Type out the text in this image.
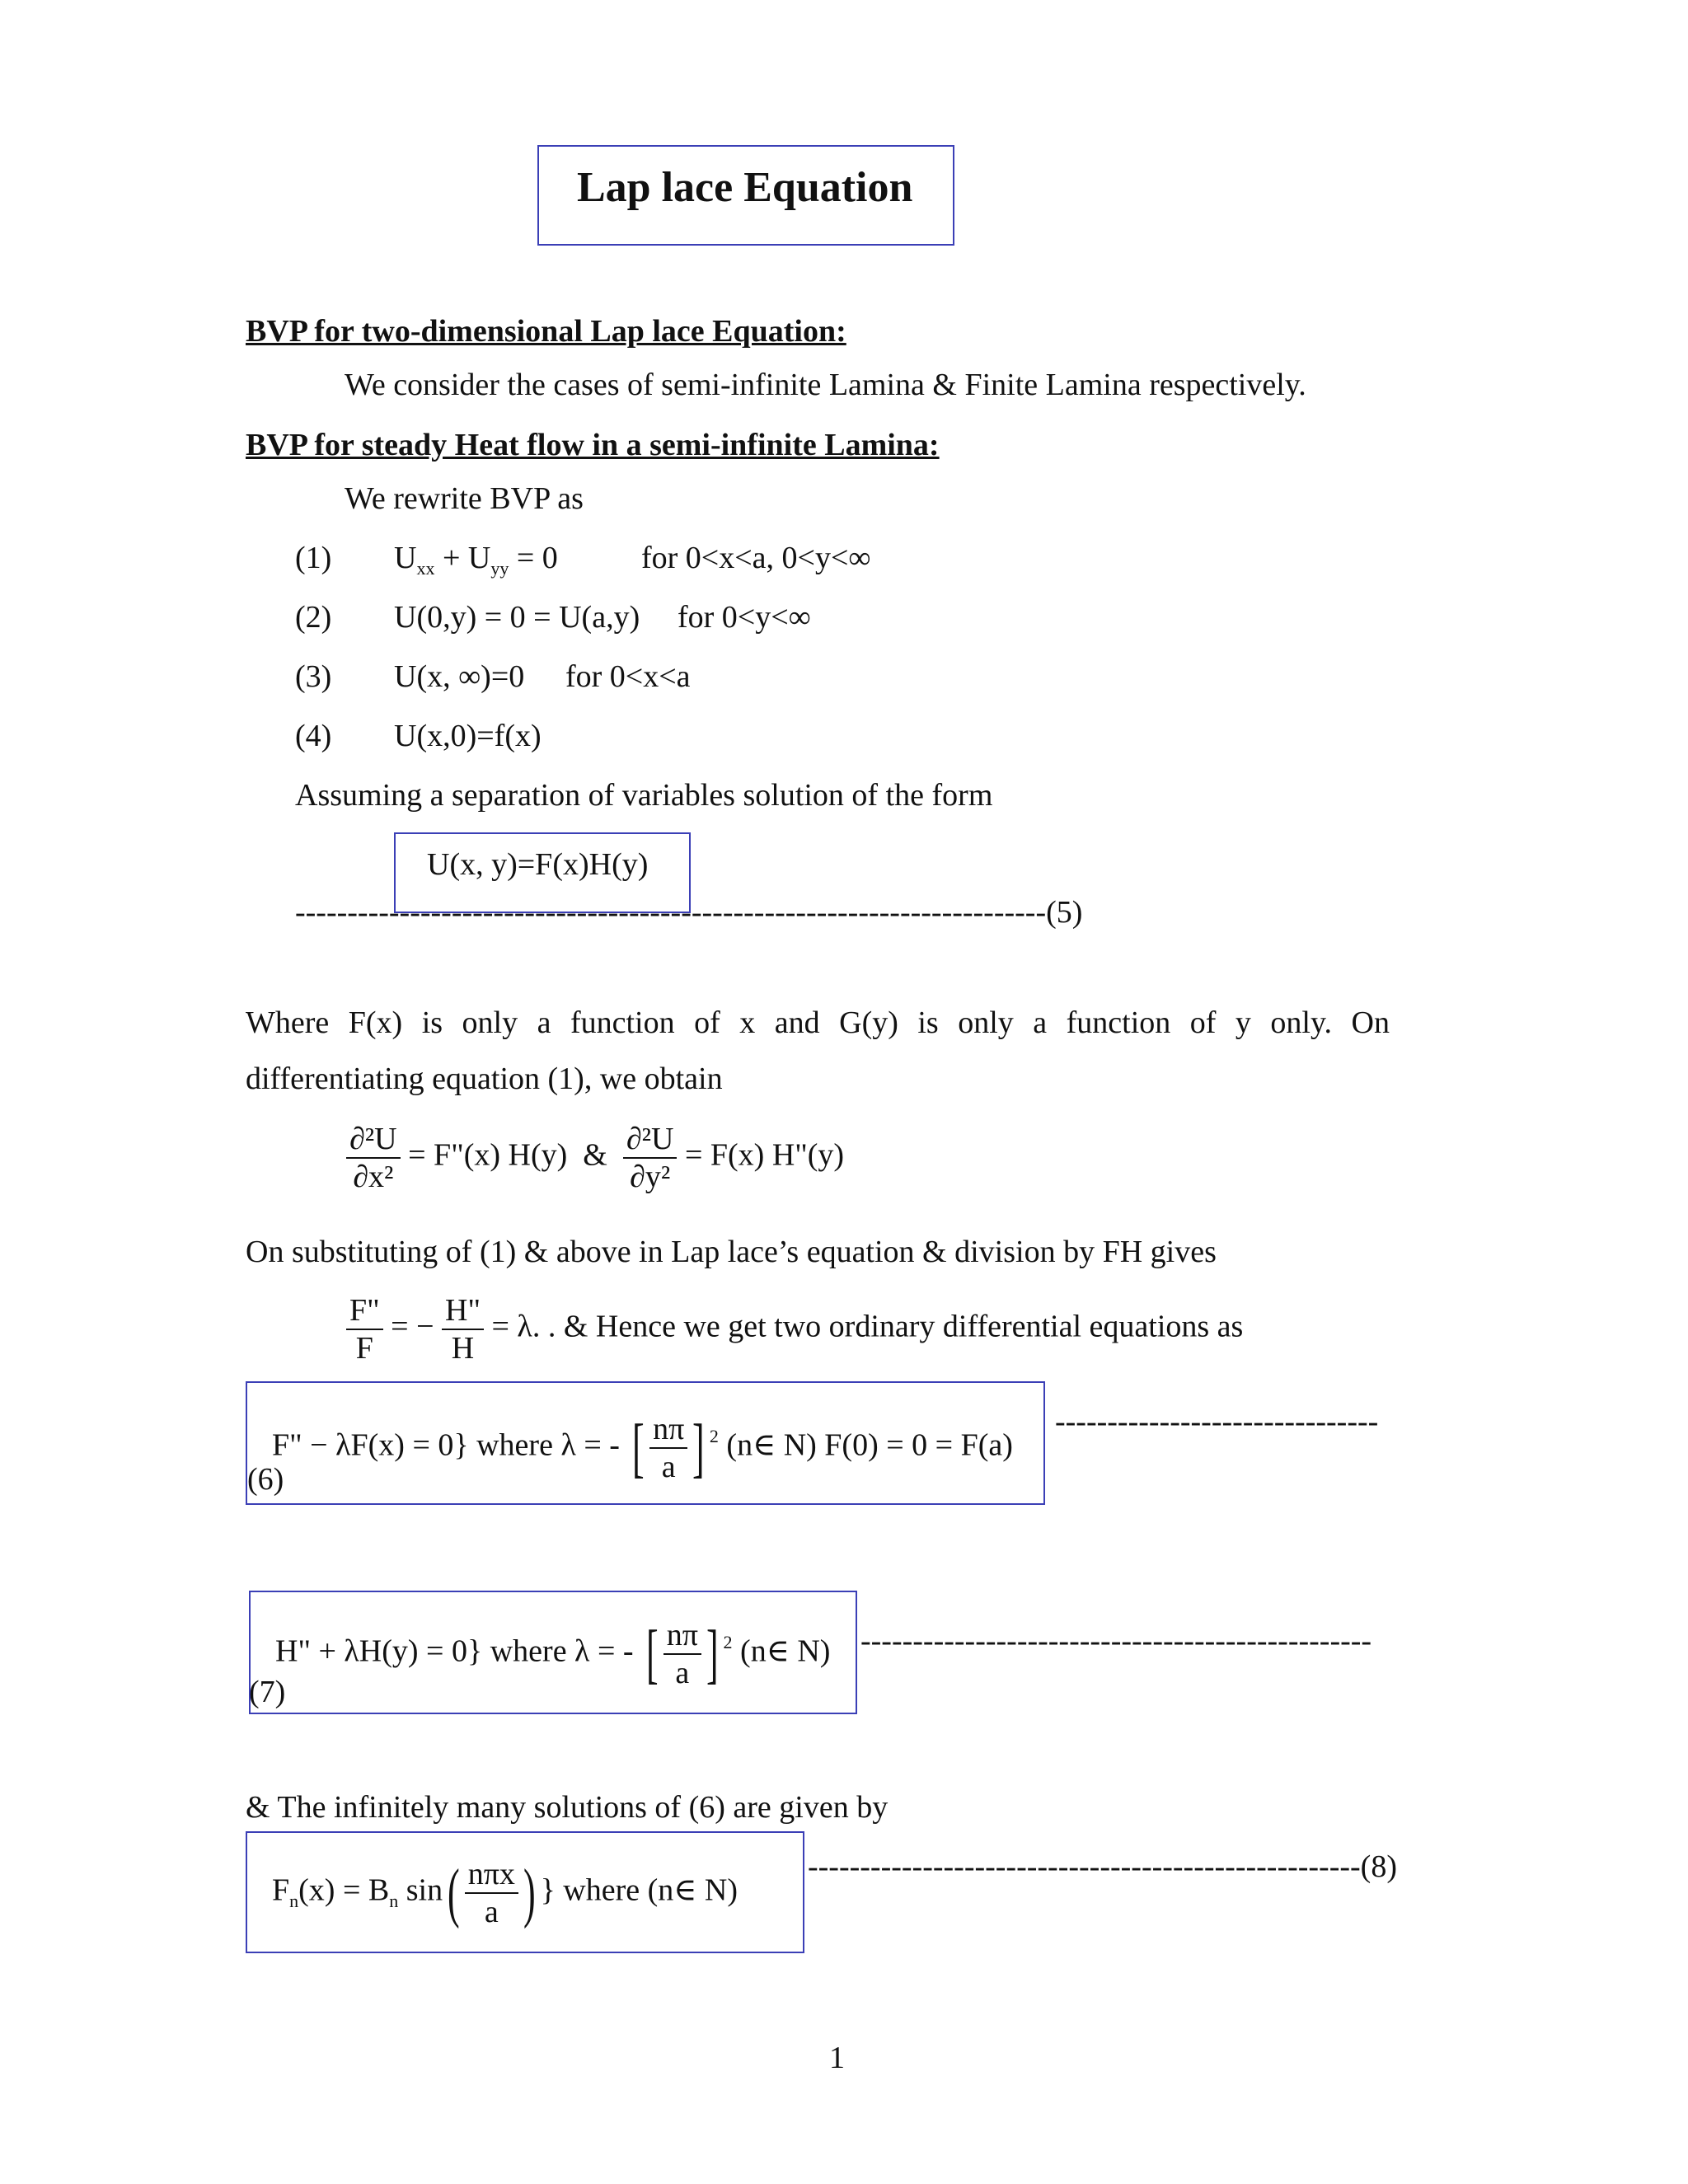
Lap lace Equation
BVP for two-dimensional Lap lace Equation:
We consider the cases of semi-infinite Lamina & Finite Lamina respectively.
BVP for steady Heat flow in a semi-infinite Lamina:
We rewrite BVP as
(1) $U_{xx} + U_{yy} = 0$	for 0<x<a, 0<y<∞
(2) U(0,y) = 0 = U(a,y) for 0<y<∞
(3) U(x, ∞)=0 for 0<x<a
(4) U(x,0)=f(x)
Assuming a separation of variables solution of the form
U(x, y)=F(x)H(y)
------------------------------------------------------------------------(5)
Where F(x) is only a function of x and G(y) is only a function of y only. On
differentiating equation (1), we obtain
$\frac{\text{∂²U}}{\text{∂x²}}$ = F"(x) H(y) & $\frac{\text{∂²U}}{\text{∂y²}} = F(x)$ H"(y)
On substituting of (1) & above in Lap lace’s equation & division by FH gives
$\frac{F"}{F}$ = − $\frac{H"}{H} = \lambda$. . & Hence we get two ordinary differential equations as
F" − λF(x) = 0} where λ = - [ $\frac{n\pi}{a}$ ] $^2$ (n∈ N) F(0) = 0 = F(a)
(6)
-------------------------------
H" + λH(y) = 0} where λ = - [ $\frac{n\pi}{a}$ ] $^2$ (n∈ N)
(7)
-------------------------------------------------
& The infinitely many solutions of (6) are given by
$F_n(x) = B_n$ $\sin( \frac{\text{nπx}}{a}$ ) } where (n∈ N)
-----------------------------------------------------(8)
1
